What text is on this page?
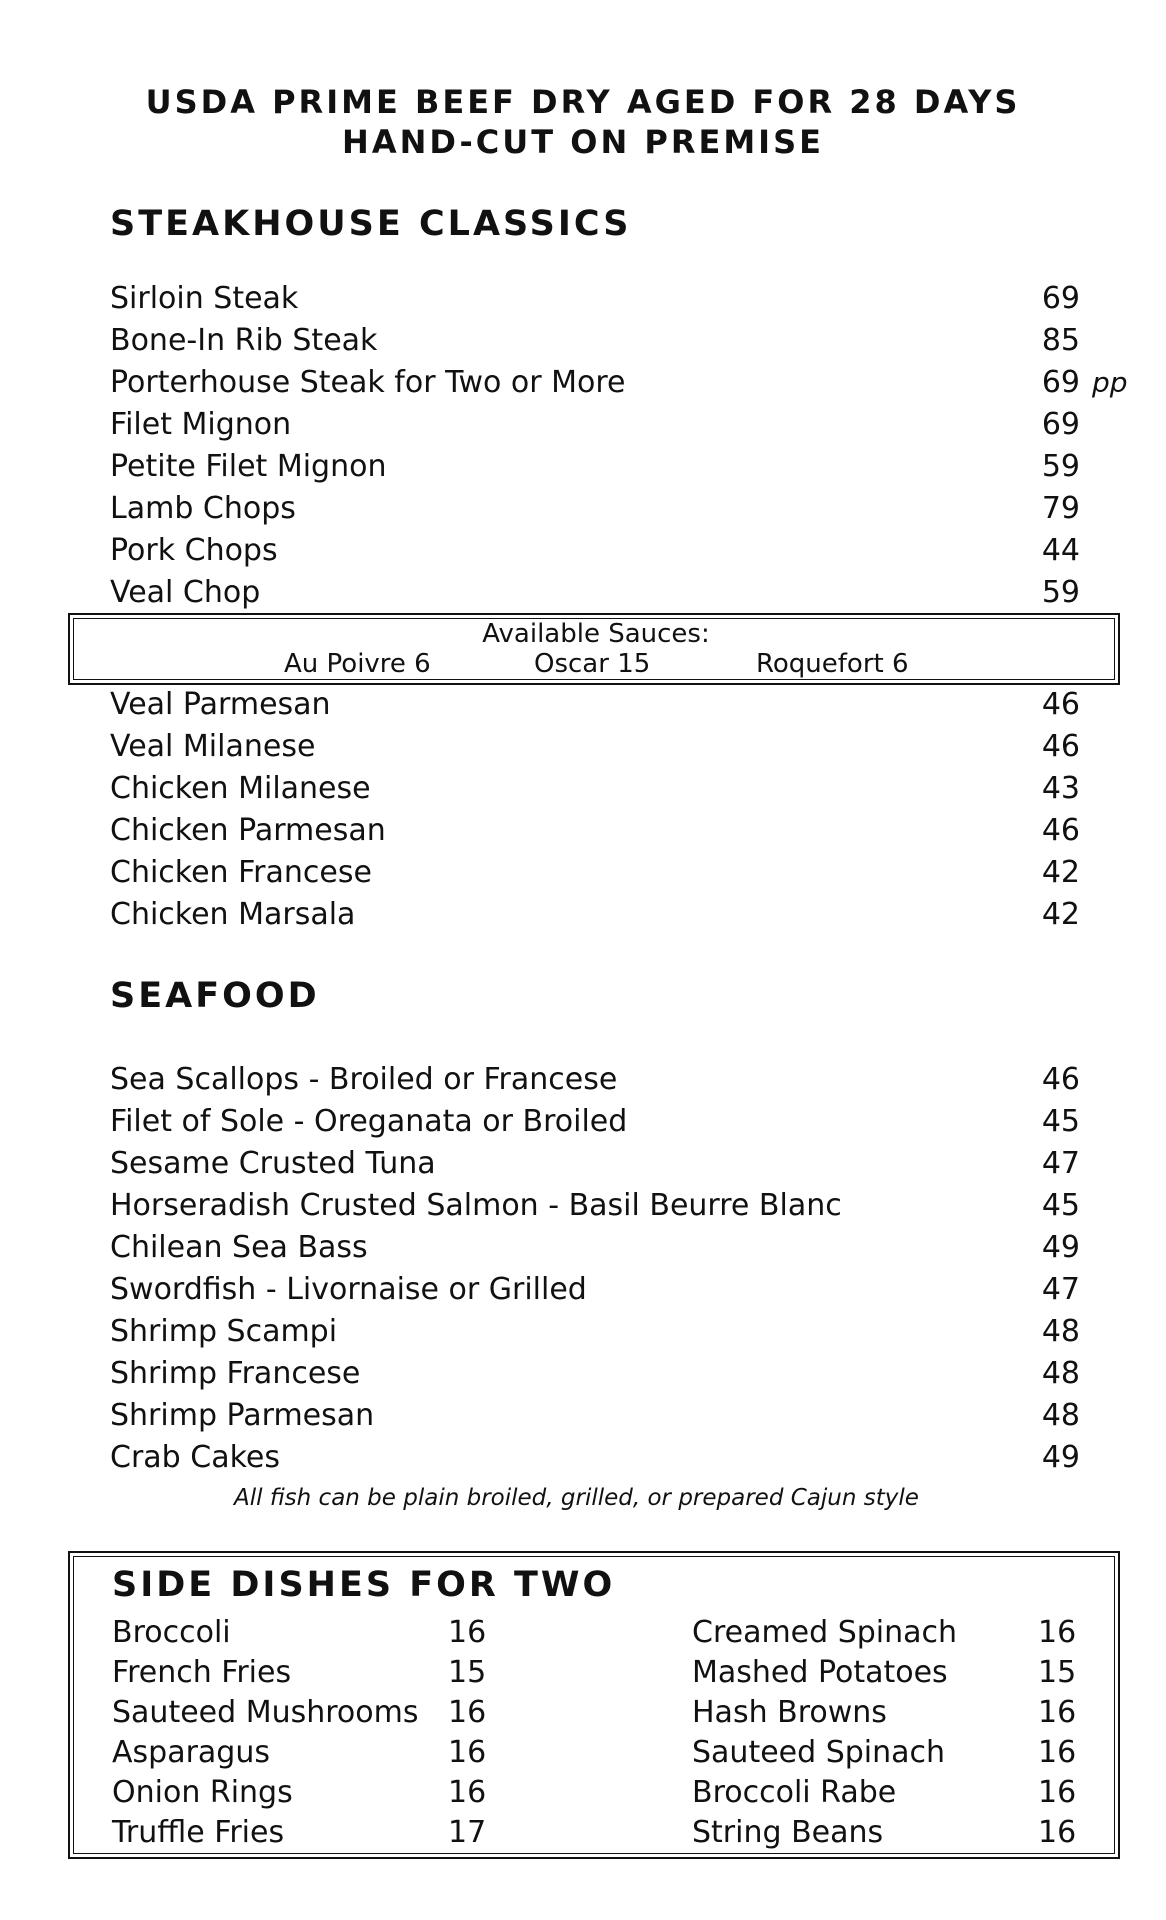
USDA PRIME BEEF DRY AGED FOR 28 DAYS
HAND-CUT ON PREMISE
STEAKHOUSE CLASSICS
Sirloin Steak	69
Bone-In Rib Steak	85
Porterhouse Steak for Two or More	69 pp
Filet Mignon	69
Petite Filet Mignon	59
Lamb Chops	79
Pork Chops	44
Veal Chop	59
Available Sauces:
Au Poivre 6	Oscar 15	Roquefort 6
Veal Parmesan	46
Veal Milanese	46
Chicken Milanese	43
Chicken Parmesan	46
Chicken Francese	42
Chicken Marsala	42
SEAFOOD
Sea Scallops - Broiled or Francese	46
Filet of Sole - Oreganata or Broiled	45
Sesame Crusted Tuna	47
Horseradish Crusted Salmon - Basil Beurre Blanc	45
Chilean Sea Bass	49
Swordfish - Livornaise or Grilled	47
Shrimp Scampi	48
Shrimp Francese	48
Shrimp Parmesan	48
Crab Cakes	49
All fish can be plain broiled, grilled, or prepared Cajun style
SIDE DISHES FOR TWO
Broccoli	16
French Fries	15
Sauteed Mushrooms 16
Asparagus	16
Onion Rings	16
Truffle Fries	17
Creamed Spinach	16
Mashed Potatoes	15
Hash Browns	16
Sauteed Spinach	16
Broccoli Rabe	16
String Beans	16
